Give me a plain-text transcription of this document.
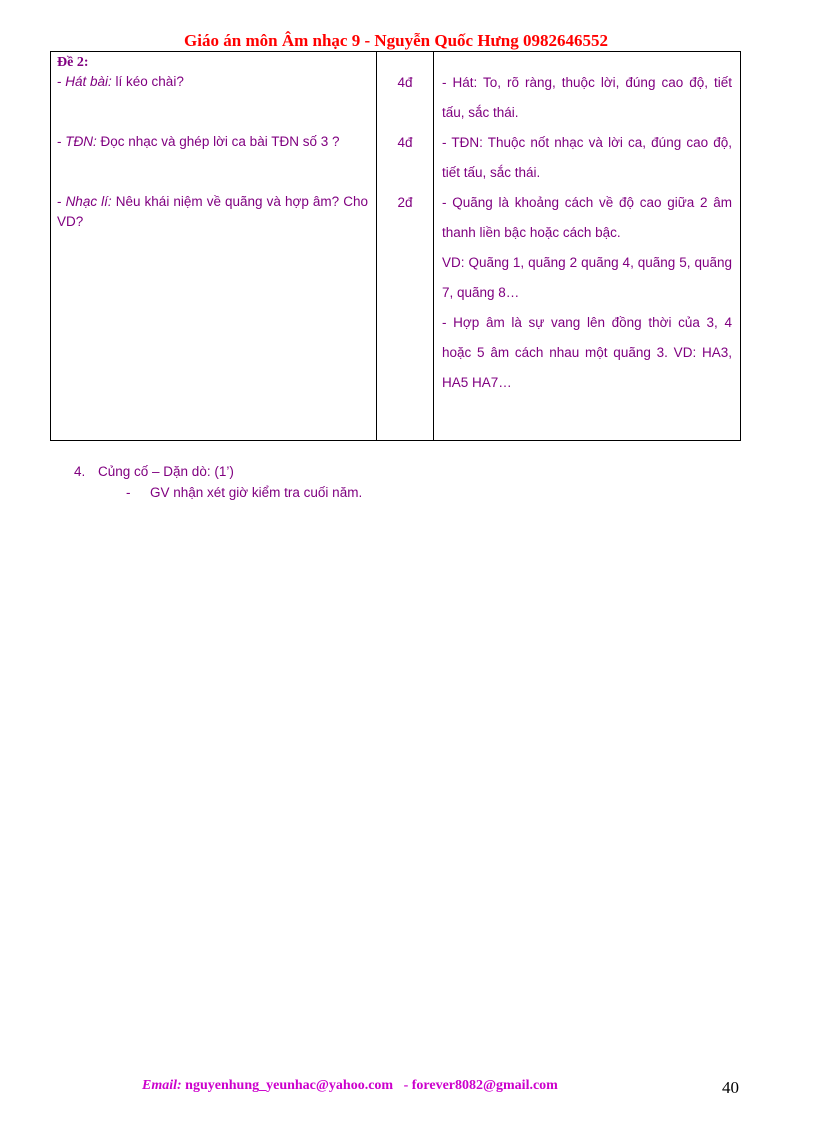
Giáo án môn Âm nhạc 9 - Nguyễn Quốc Hưng 0982646552
Đề 2:
- Hát bài: lí kéo chài?
- TĐN: Đọc nhạc và ghép lời ca bài TĐN số 3 ?
- Nhạc lí: Nêu khái niệm về quãng và hợp âm? Cho VD?
4đ
4đ
2đ
- Hát: To, rõ ràng, thuộc lời, đúng cao độ, tiết tấu, sắc thái.
- TĐN: Thuộc nốt nhạc và lời ca, đúng cao độ, tiết tấu, sắc thái.
- Quãng là khoảng cách về độ cao giữa 2 âm thanh liền bậc hoặc cách bậc.
VD: Quãng 1, quãng 2 quãng 4, quãng 5, quãng 7, quãng 8…
- Hợp âm là sự vang lên đồng thời của 3, 4 hoặc 5 âm cách nhau một quãng 3. VD: HA3, HA5 HA7…
4. Củng cố – Dặn dò: (1’)
- GV nhận xét giờ kiểm tra cuối năm.
Email: nguyenhung_yeunhac@yahoo.com   - forever8082@gmail.com	40
